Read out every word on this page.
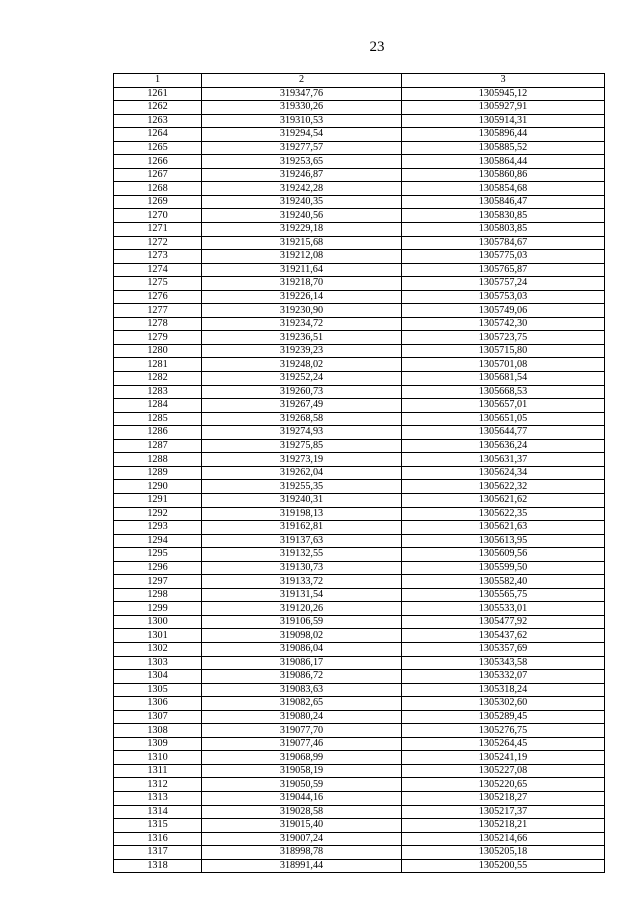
23
1	2	3
1261	319347,76	1305945,12
1262	319330,26	1305927,91
1263	319310,53	1305914,31
1264	319294,54	1305896,44
1265	319277,57	1305885,52
1266	319253,65	1305864,44
1267	319246,87	1305860,86
1268	319242,28	1305854,68
1269	319240,35	1305846,47
1270	319240,56	1305830,85
1271	319229,18	1305803,85
1272	319215,68	1305784,67
1273	319212,08	1305775,03
1274	319211,64	1305765,87
1275	319218,70	1305757,24
1276	319226,14	1305753,03
1277	319230,90	1305749,06
1278	319234,72	1305742,30
1279	319236,51	1305723,75
1280	319239,23	1305715,80
1281	319248,02	1305701,08
1282	319252,24	1305681,54
1283	319260,73	1305668,53
1284	319267,49	1305657,01
1285	319268,58	1305651,05
1286	319274,93	1305644,77
1287	319275,85	1305636,24
1288	319273,19	1305631,37
1289	319262,04	1305624,34
1290	319255,35	1305622,32
1291	319240,31	1305621,62
1292	319198,13	1305622,35
1293	319162,81	1305621,63
1294	319137,63	1305613,95
1295	319132,55	1305609,56
1296	319130,73	1305599,50
1297	319133,72	1305582,40
1298	319131,54	1305565,75
1299	319120,26	1305533,01
1300	319106,59	1305477,92
1301	319098,02	1305437,62
1302	319086,04	1305357,69
1303	319086,17	1305343,58
1304	319086,72	1305332,07
1305	319083,63	1305318,24
1306	319082,65	1305302,60
1307	319080,24	1305289,45
1308	319077,70	1305276,75
1309	319077,46	1305264,45
1310	319068,99	1305241,19
1311	319058,19	1305227,08
1312	319050,59	1305220,65
1313	319044,16	1305218,27
1314	319028,58	1305217,37
1315	319015,40	1305218,21
1316	319007,24	1305214,66
1317	318998,78	1305205,18
1318	318991,44	1305200,55
